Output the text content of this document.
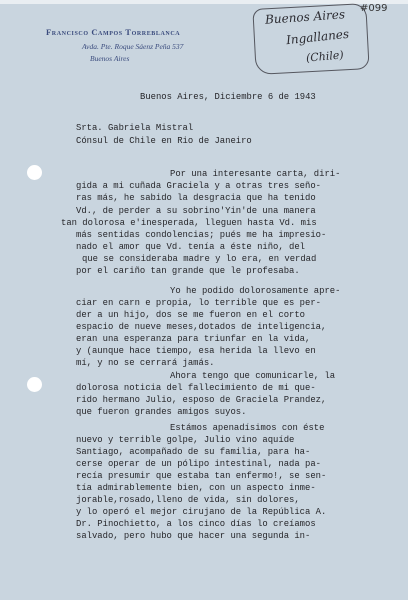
Francisco Campos Torreblanca
Avda. Pte. Roque Sáenz Peña 537
Buenos Aires
Buenos Aires
Ingallanes
(Chile)
#099
Buenos Aires, Diciembre 6 de 1943
Srta. Gabriela Mistral
Cónsul de Chile en Rio de Janeiro
Por una interesante carta, diri-
gida a mi cuñada Graciela y a otras tres seño-
ras más, he sabido la desgracia que ha tenido
Vd., de perder a su sobrino'Yin'de una manera
tan dolorosa e'inesperada, lleguen hasta Vd. mis
más sentidas condolencias; pués me ha impresio-
nado el amor que Vd. tenía a éste niño, del
que se consideraba madre y lo era, en verdad
por el cariño tan grande que le profesaba.
Yo he podido dolorosamente apre-
ciar en carn e propia, lo terrible que es per-
der a un hijo, dos se me fueron en el corto
espacio de nueve meses,dotados de inteligencia,
eran una esperanza para triunfar en la vida,
y (aunque hace tiempo, esa herida la llevo en
mí, y no se cerrará jamás.
Ahora tengo que comunicarle, la
dolorosa noticia del fallecimiento de mi que-
rido hermano Julio, esposo de Graciela Prandez,
que fueron grandes amigos suyos.
Estámos apenadísimos con éste
nuevo y terrible golpe, Julio vino aquíde
Santiago, acompañado de su familia, para ha-
cerse operar de un pólipo intestinal, nada pa-
recía presumir que estaba tan enfermo!, se sen-
tía admirablemente bien, con un aspecto inme-
jorable,rosado,lleno de vida, sin dolores,
y lo operó el mejor cirujano de la República A.
Dr. Pinochietto, a los cinco días lo creíamos
salvado, pero hubo que hacer una segunda in-
